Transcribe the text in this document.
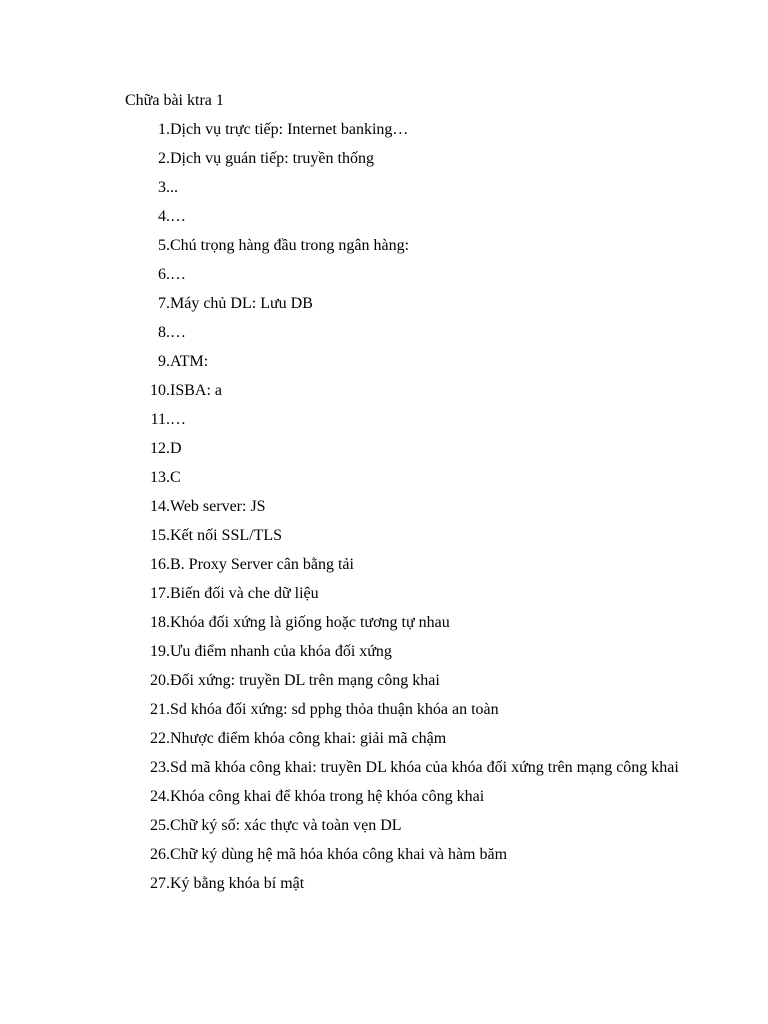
Chữa bài ktra 1
1. Dịch vụ trực tiếp: Internet banking…
2. Dịch vụ guán tiếp: truyền thống
3. ..
4. …
5. Chú trọng hàng đầu trong ngân hàng:
6. …
7. Máy chủ DL: Lưu DB
8. …
9. ATM:
10. ISBA: a
11. …
12. D
13. C
14. Web server: JS
15. Kết nối SSL/TLS
16. B. Proxy Server cân bằng tải
17. Biến đối và che dữ liệu
18. Khóa đối xứng là giống hoặc tương tự nhau
19. Ưu điểm nhanh của khóa đối xứng
20. Đối xứng: truyền DL trên mạng công khai
21. Sd khóa đối xứng: sd pphg thỏa thuận khóa an toàn
22. Nhược điểm khóa công khai: giải mã chậm
23. Sd mã khóa công khai: truyền DL khóa của khóa đối xứng trên mạng công khai
24. Khóa công khai để khóa trong hệ khóa công khai
25. Chữ ký số: xác thực và toàn vẹn DL
26. Chữ ký dùng hệ mã hóa khóa công khai và hàm băm
27. Ký bằng khóa bí mật
